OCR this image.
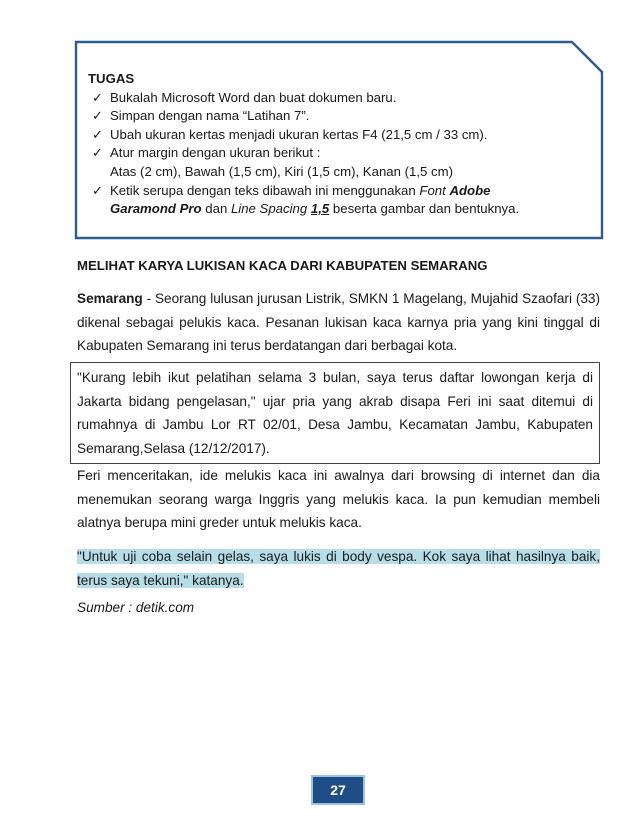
TUGAS
✓ Bukalah Microsoft Word dan buat dokumen baru.
✓ Simpan dengan nama “Latihan 7”.
✓ Ubah ukuran kertas menjadi ukuran kertas F4 (21,5 cm / 33 cm).
✓ Atur margin dengan ukuran berikut :
Atas (2 cm), Bawah (1,5 cm), Kiri (1,5 cm), Kanan (1,5 cm)
✓ Ketik serupa dengan teks dibawah ini menggunakan Font Adobe
Garamond Pro dan Line Spacing 1,5 beserta gambar dan bentuknya.
MELIHAT KARYA LUKISAN KACA DARI KABUPATEN SEMARANG
Semarang - Seorang lulusan jurusan Listrik, SMKN 1 Magelang, Mujahid Szaofari (33) dikenal sebagai pelukis kaca. Pesanan lukisan kaca karnya pria yang kini tinggal di Kabupaten Semarang ini terus berdatangan dari berbagai kota.
"Kurang lebih ikut pelatihan selama 3 bulan, saya terus daftar lowongan kerja di Jakarta bidang pengelasan," ujar pria yang akrab disapa Feri ini saat ditemui di rumahnya di Jambu Lor RT 02/01, Desa Jambu, Kecamatan Jambu, Kabupaten Semarang,Selasa (12/12/2017).
Feri menceritakan, ide melukis kaca ini awalnya dari browsing di internet dan dia menemukan seorang warga Inggris yang melukis kaca. Ia pun kemudian membeli alatnya berupa mini greder untuk melukis kaca.
"Untuk uji coba selain gelas, saya lukis di body vespa. Kok saya lihat hasilnya baik, terus saya tekuni," katanya.
Sumber : detik.com
27
